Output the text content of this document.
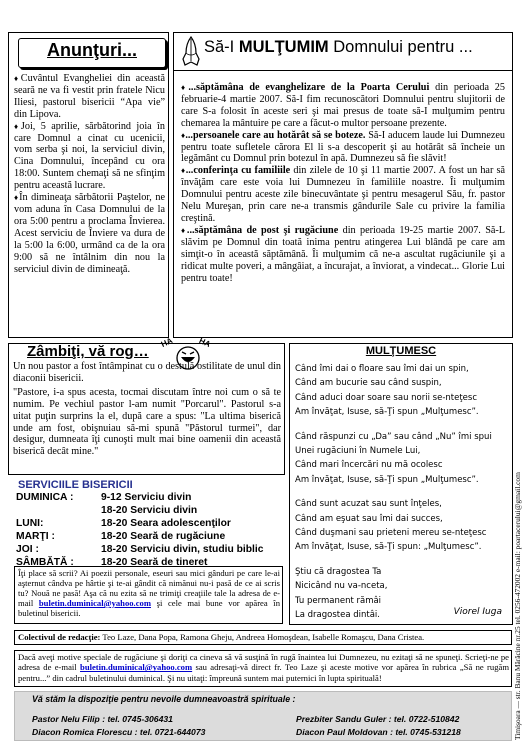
Anunţuri...

♦Cuvântul Evangheliei din această seară ne va fi vestit prin fratele Nicu Iliesi, pastorul bisericii “Apa vie” din Lipova.

♦Joi, 5 aprilie, sărbătorind joia în care Domnul a cinat cu ucenicii, vom serba şi noi, la serviciul divin, Cina Domnului, începând cu ora 18:00. Suntem chemaţi să ne sfinţim pentru această lucrare.

♦În dimineaţa sărbătorii Paştelor, ne vom aduna în Casa Domnului de la ora 5:00 pentru a proclama Învierea. Acest serviciu de Înviere va dura de la 5:00 la 6:00, urmând ca de la ora 9:00 să ne întâlnim din nou la serviciul divin de dimineaţă.

Să-I MULŢUMIM Domnului pentru ...

♦...săptămâna de evanghelizare de la Poarta Cerului din perioada 25 februarie-4 martie 2007. Să-I fim recunoscători Domnului pentru slujitorii de care S-a folosit în aceste seri şi mai presus de toate să-I mulţumim pentru chemarea la mântuire pe care a făcut-o multor persoane prezente.

♦...persoanele care au hotărât să se boteze. Să-I aducem laude lui Dumnezeu pentru toate sufletele cărora El li s-a descoperit şi au hotărât să încheie un legământ cu Domnul prin botezul în apă. Dumnezeu să fie slăvit!

♦...conferinţa cu familiile din zilele de 10 şi 11 martie 2007. A fost un har să învăţăm care este voia lui Dumnezeu în familiile noastre. Îi mulţumim Domnului pentru aceste zile binecuvântate şi pentru mesagerul Său, fr. pastor Nelu Mureşan, prin care ne-a transmis gândurile Sale cu privire la familia creştină.

♦...săptămâna de post şi rugăciune din perioada 19-25 martie 2007. Să-L slăvim pe Domnul din toată inima pentru atingerea Lui blândă pe care am simţit-o în această săptămână. Îi mulţumim că ne-a ascultat rugăciunile şi a ridicat multe poveri, a mângâiat, a încurajat, a înviorat, a vindecat... Glorie Lui pentru toate!

Zâmbiţi, vă rog…
HA	HA

Un nou pastor a fost întâmpinat cu o destulă ostilitate de unul din diaconii bisericii.

"Pastore, i-a spus acesta, tocmai discutam între noi cum o să te numim. Pe vechiul pastor l-am numit "Porcarul". Pastorul s-a uitat puţin surprins la el, după care a spus: "La ultima biserică unde am fost, obişnuiau să-mi spună "Păstorul turmei", dar desigur, dumneata îţi cunoşti mult mai bine oamenii din această biserică decât mine."

SERVICIILE BISERICII
DUMINICA :	9-12 Serviciu divin
18-20 Serviciu divin
LUNI:	18-20 Seara adolescenţilor
MARŢI :	18-20 Seară de rugăciune
JOI :	18-20 Serviciu divin, studiu biblic
SÂMBĂTĂ :	18-20 Seară de tineret
Îţi place să scrii? Ai poezii personale, eseuri sau mici gânduri pe care le-ai aşternut cândva pe hârtie şi te-ai gândit că nimănui nu-i pasă de ce ai scris tu? Nouă ne pasă! Aşa că nu ezita să ne trimiţi creaţiile tale la adresa de e-mail buletin.duminical@yahoo.com şi cele mai bune vor apărea în buletinul bisericii.
MULŢUMESC

Când îmi dai o floare sau îmi dai un spin,

Când am bucurie sau când suspin,

Când aduci doar soare sau norii se-nteţesc

Am învăţat, Isuse, să-Ţi spun „Mulţumesc”.

Când răspunzi cu „Da” sau când „Nu” îmi spui

Unei rugăciuni în Numele Lui,

Când mari încercări nu mă ocolesc

Am învăţat, Isuse, să-Ţi spun „Mulţumesc”.

Când sunt acuzat sau sunt înţeles,

Când am eşuat sau îmi dai succes,

Când duşmani sau prieteni mereu se-nteţesc

Am învăţat, Isuse, să-Ţi spun: „Mulţumesc”.

Ştiu că dragostea Ta

Nicicând nu va-nceta,

Tu permanent rămâi

La dragostea dintâi.	Viorel Iuga
Colectivul de redacţie: Teo Laze, Dana Popa, Ramona Gheju, Andreea Homoşdean, Isabelle Romaşcu, Dana Cristea.
Dacă aveţi motive speciale de rugăciune şi doriţi ca cineva să vă susţină în rugă înaintea lui Dumnezeu, nu ezitaţi să ne spuneţi. Scrieţi-ne pe adresa de e-mail buletin.duminical@yahoo.com sau adresaţi-vă direct fr. Teo Laze şi aceste motive vor apărea în rubrica „Să ne rugăm pentru...” din cadrul buletinului duminical. Şi nu uitaţi: împreună suntem mai puternici în lupta spirituală!
Vă stăm la dispoziţie pentru nevoile dumneavoastră spirituale :
Pastor Nelu Filip : tel. 0745-306431
Diacon Romica Florescu : tel. 0721-644073
Prezbiter Sandu Guler : tel. 0722-510842
Diacon Paul Moldovan : tel. 0745-531218	Timişoara — str. Banu Mărăcine nr.25 tel. 0256-472002 e-mail: poartacerului@gmail.com
